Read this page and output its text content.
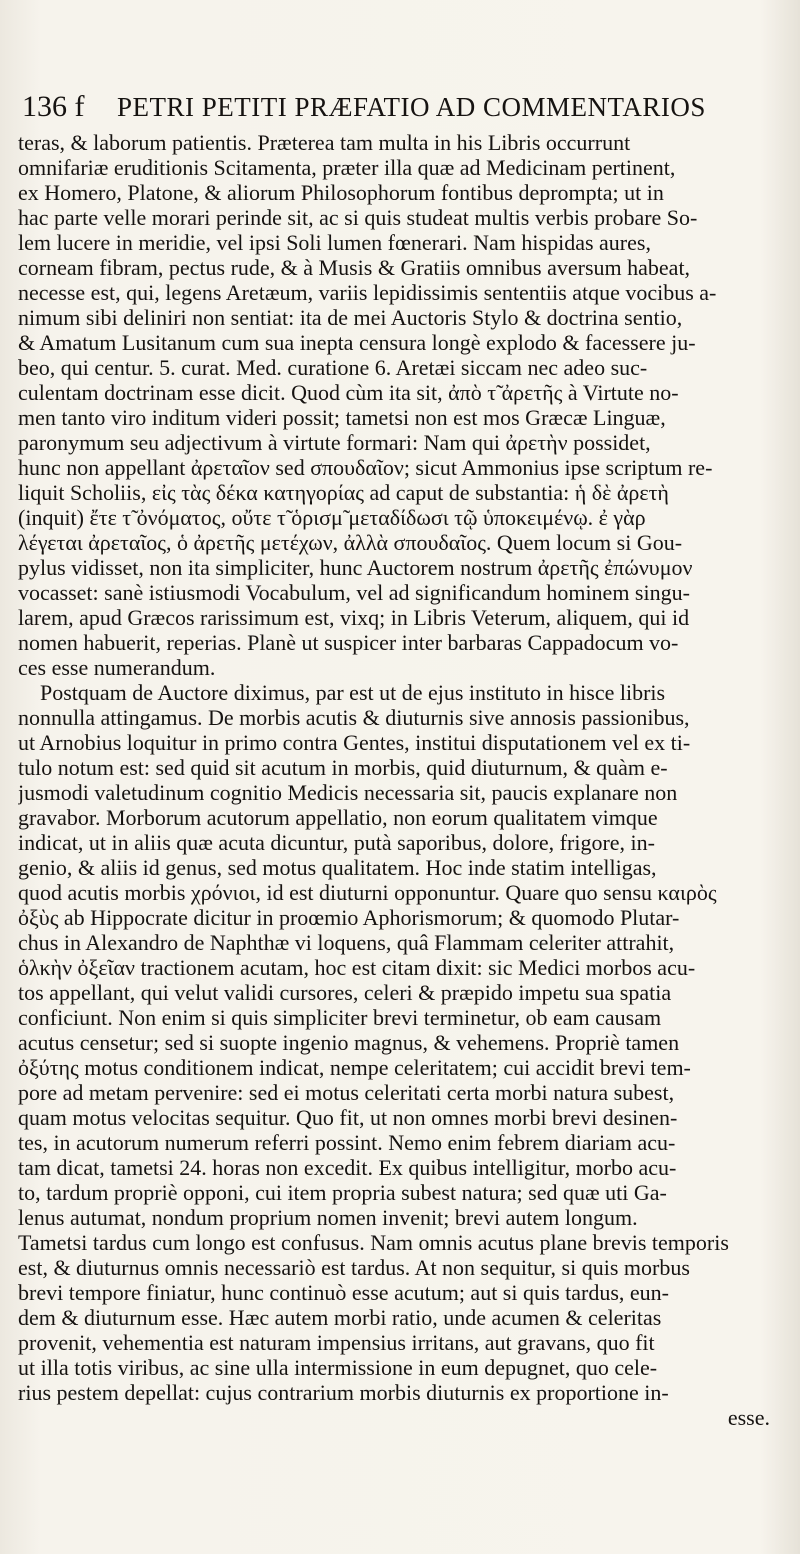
136 f	PETRI PETITI PRÆFATIO AD COMMENTARIOS
teras, & laborum patientis. Præterea tam multa in his Libris occurrunt
omnifariæ eruditionis Scitamenta, præter illa quæ ad Medicinam pertinent,
ex Homero, Platone, & aliorum Philosophorum fontibus deprompta; ut in
hac parte velle morari perinde sit, ac si quis studeat multis verbis probare So-
lem lucere in meridie, vel ipsi Soli lumen fœnerari. Nam hispidas aures,
corneam fibram, pectus rude, & à Musis & Gratiis omnibus aversum habeat,
necesse est, qui, legens Aretæum, variis lepidissimis sententiis atque vocibus a-
nimum sibi deliniri non sentiat: ita de mei Auctoris Stylo & doctrina sentio,
& Amatum Lusitanum cum sua inepta censura longè explodo & facessere ju-
beo, qui centur. 5. curat. Med. curatione 6. Aretæi siccam nec adeo suc-
culentam doctrinam esse dicit. Quod cùm ita sit, ἀπὸ τ̃ ἀρετῆς à Virtute no-
men tanto viro inditum videri possit; tametsi non est mos Græcæ Linguæ,
paronymum seu adjectivum à virtute formari: Nam qui ἀρετὴν possidet,
hunc non appellant ἀρεταῖον sed σπουδαῖον; sicut Ammonius ipse scriptum re-
liquit Scholiis, εἰς τὰς δέκα κατηγορίας ad caput de substantia: ἡ δὲ ἀρετὴ
(inquit) ἔτε τ̃ ὀνόματος, οὔτε τ̃ ὁρισμ̃ μεταδίδωσι τῷ ὑποκειμένῳ. ἐ γὰρ
λέγεται ἀρεταῖος, ὁ ἀρετῆς μετέχων, ἀλλὰ σπουδαῖος. Quem locum si Gou-
pylus vidisset, non ita simpliciter, hunc Auctorem nostrum ἀρετῆς ἐπώνυμον
vocasset: sanè istiusmodi Vocabulum, vel ad significandum hominem singu-
larem, apud Græcos rarissimum est, vixq; in Libris Veterum, aliquem, qui id
nomen habuerit, reperias. Planè ut suspicer inter barbaras Cappadocum vo-
ces esse numerandum.
Postquam de Auctore diximus, par est ut de ejus instituto in hisce libris
nonnulla attingamus. De morbis acutis & diuturnis sive annosis passionibus,
ut Arnobius loquitur in primo contra Gentes, institui disputationem vel ex ti-
tulo notum est: sed quid sit acutum in morbis, quid diuturnum, & quàm e-
jusmodi valetudinum cognitio Medicis necessaria sit, paucis explanare non
gravabor. Morborum acutorum appellatio, non eorum qualitatem vimque
indicat, ut in aliis quæ acuta dicuntur, putà saporibus, dolore, frigore, in-
genio, & aliis id genus, sed motus qualitatem. Hoc inde statim intelligas,
quod acutis morbis χρόνιοι, id est diuturni opponuntur. Quare quo sensu καιρὸς
ὀξὺς ab Hippocrate dicitur in proœmio Aphorismorum; & quomodo Plutar-
chus in Alexandro de Naphthæ vi loquens, quâ Flammam celeriter attrahit,
ὁλκὴν ὀξεῖαν tractionem acutam, hoc est citam dixit: sic Medici morbos acu-
tos appellant, qui velut validi cursores, celeri & præpido impetu sua spatia
conficiunt. Non enim si quis simpliciter brevi terminetur, ob eam causam
acutus censetur; sed si suopte ingenio magnus, & vehemens. Propriè tamen
ὀξύτης motus conditionem indicat, nempe celeritatem; cui accidit brevi tem-
pore ad metam pervenire: sed ei motus celeritati certa morbi natura subest,
quam motus velocitas sequitur. Quo fit, ut non omnes morbi brevi desinen-
tes, in acutorum numerum referri possint. Nemo enim febrem diariam acu-
tam dicat, tametsi 24. horas non excedit. Ex quibus intelligitur, morbo acu-
to, tardum propriè opponi, cui item propria subest natura; sed quæ uti Ga-
lenus autumat, nondum proprium nomen invenit; brevi autem longum.
Tametsi tardus cum longo est confusus. Nam omnis acutus plane brevis temporis
est, & diuturnus omnis necessariò est tardus. At non sequitur, si quis morbus
brevi tempore finiatur, hunc continuò esse acutum; aut si quis tardus, eun-
dem & diuturnum esse. Hæc autem morbi ratio, unde acumen & celeritas
provenit, vehementia est naturam impensius irritans, aut gravans, quo fit
ut illa totis viribus, ac sine ulla intermissione in eum depugnet, quo cele-
rius pestem depellat: cujus contrarium morbis diuturnis ex proportione in-
esse.
